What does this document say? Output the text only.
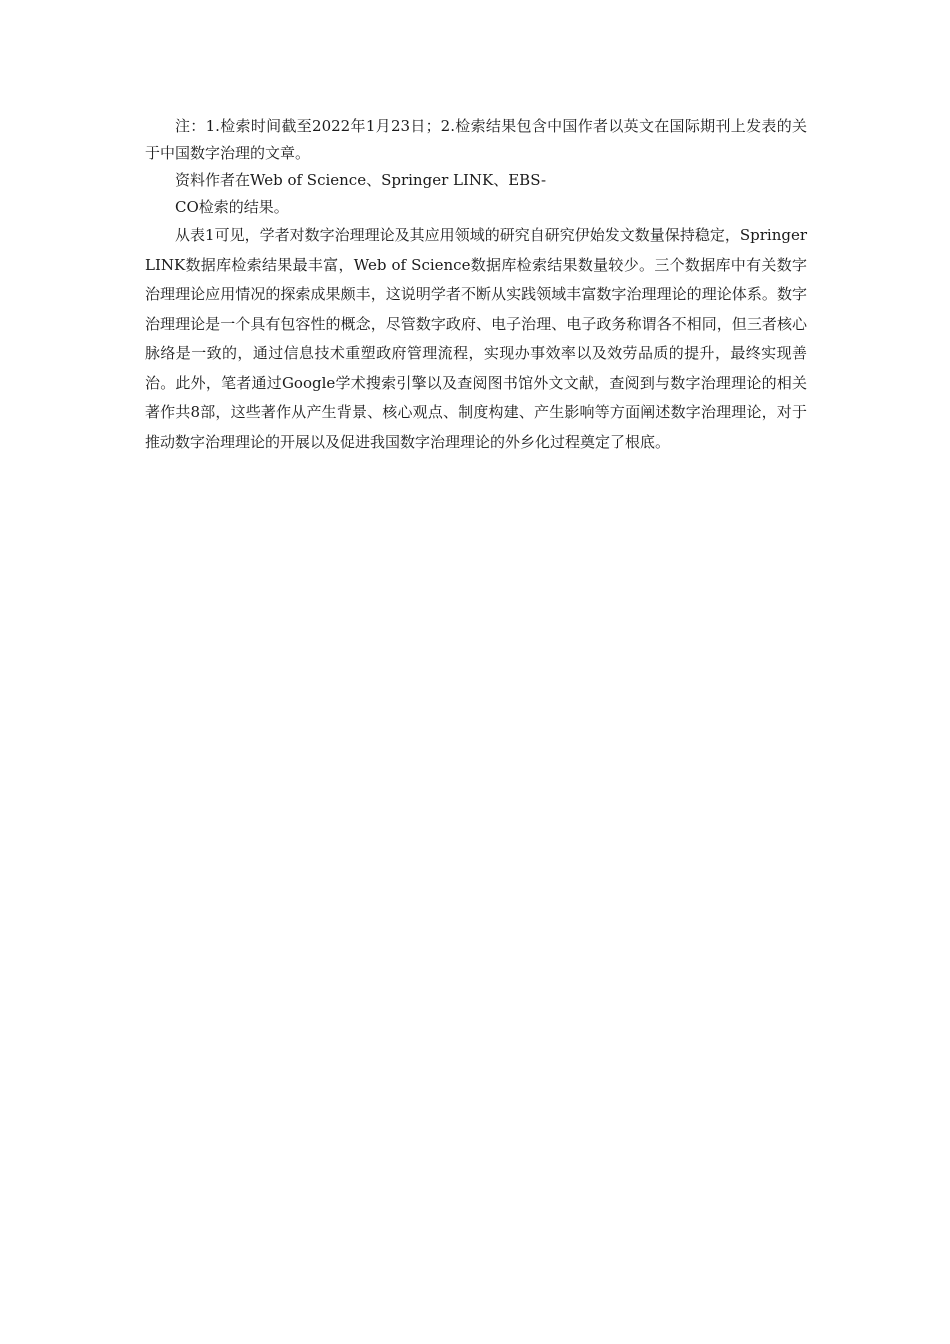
注：1.检索时间截至2022年1月23日；2.检索结果包含中国作者以英文在国际期刊上发表的关于中国数字治理的文章。

资料作者在Web of Science、Springer LINK、EBS-

CO检索的结果。

从表1可见，学者对数字治理理论及其应用领域的研究自研究伊始发文数量保持稳定，Springer LINK数据库检索结果最丰富，Web of Science数据库检索结果数量较少。三个数据库中有关数字治理理论应用情况的探索成果颇丰，这说明学者不断从实践领域丰富数字治理理论的理论体系。数字治理理论是一个具有包容性的概念，尽管数字政府、电子治理、电子政务称谓各不相同，但三者核心脉络是一致的，通过信息技术重塑政府管理流程，实现办事效率以及效劳品质的提升，最终实现善治。此外，笔者通过Google学术搜索引擎以及查阅图书馆外文文献，查阅到与数字治理理论的相关著作共8部，这些著作从产生背景、核心观点、制度构建、产生影响等方面阐述数字治理理论，对于推动数字治理理论的开展以及促进我国数字治理理论的外乡化过程奠定了根底。
